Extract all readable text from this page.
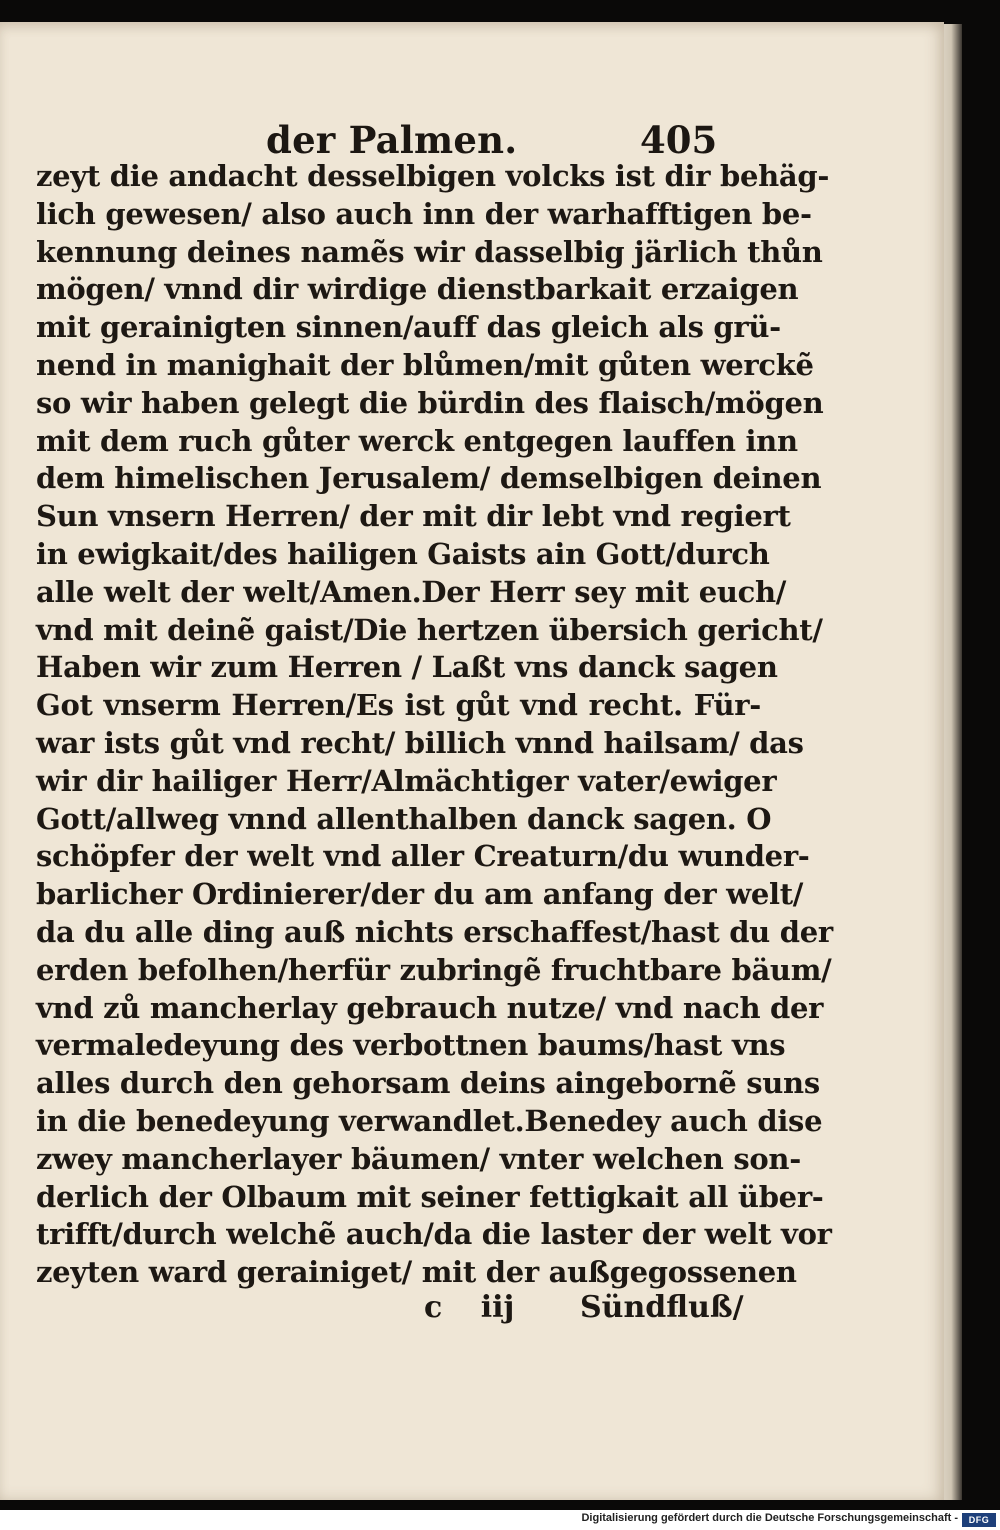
der Palmen.	405
zeyt die andacht desselbigen volcks ist dir behäg-
lich gewesen/ also auch inn der warhafftigen be-
kennung deines namẽs wir dasselbig järlich thůn
mögen/ vnnd dir wirdige dienstbarkait erzaigen
mit gerainigten sinnen/auff das gleich als grü-
nend in manighait der blůmen/mit gůten werckẽ
so wir haben gelegt die bürdin des flaisch/mögen
mit dem ruch gůter werck entgegen lauffen inn
dem himelischen Jerusalem/ demselbigen deinen
Sun vnsern Herren/ der mit dir lebt vnd regiert
in ewigkait/des hailigen Gaists ain Gott/durch
alle welt der welt/Amen.Der Herr sey mit euch/
vnd mit deinẽ gaist/Die hertzen übersich gericht/
Haben wir zum Herren / Laßt vns danck sagen
Got vnserm Herren/Es ist gůt vnd recht. Für-
war ists gůt vnd recht/ billich vnnd hailsam/ das
wir dir hailiger Herr/Almächtiger vater/ewiger
Gott/allweg vnnd allenthalben danck sagen. O
schöpfer der welt vnd aller Creaturn/du wunder-
barlicher Ordinierer/der du am anfang der welt/
da du alle ding auß nichts erschaffest/hast du der
erden befolhen/herfür zubringẽ fruchtbare bäum/
vnd zů mancherlay gebrauch nutze/ vnd nach der
vermaledeyung des verbottnen baums/hast vns
alles durch den gehorsam deins aingebornẽ suns
in die benedeyung verwandlet.Benedey auch dise
zwey mancherlayer bäumen/ vnter welchen son-
derlich der Olbaum mit seiner fettigkait all über-
trifft/durch welchẽ auch/da die laster der welt vor
zeyten ward gerainiget/ mit der außgegossenen
c iij Sündfluß/
Digitalisierung gefördert durch die Deutsche Forschungsgemeinschaft -	DFG
